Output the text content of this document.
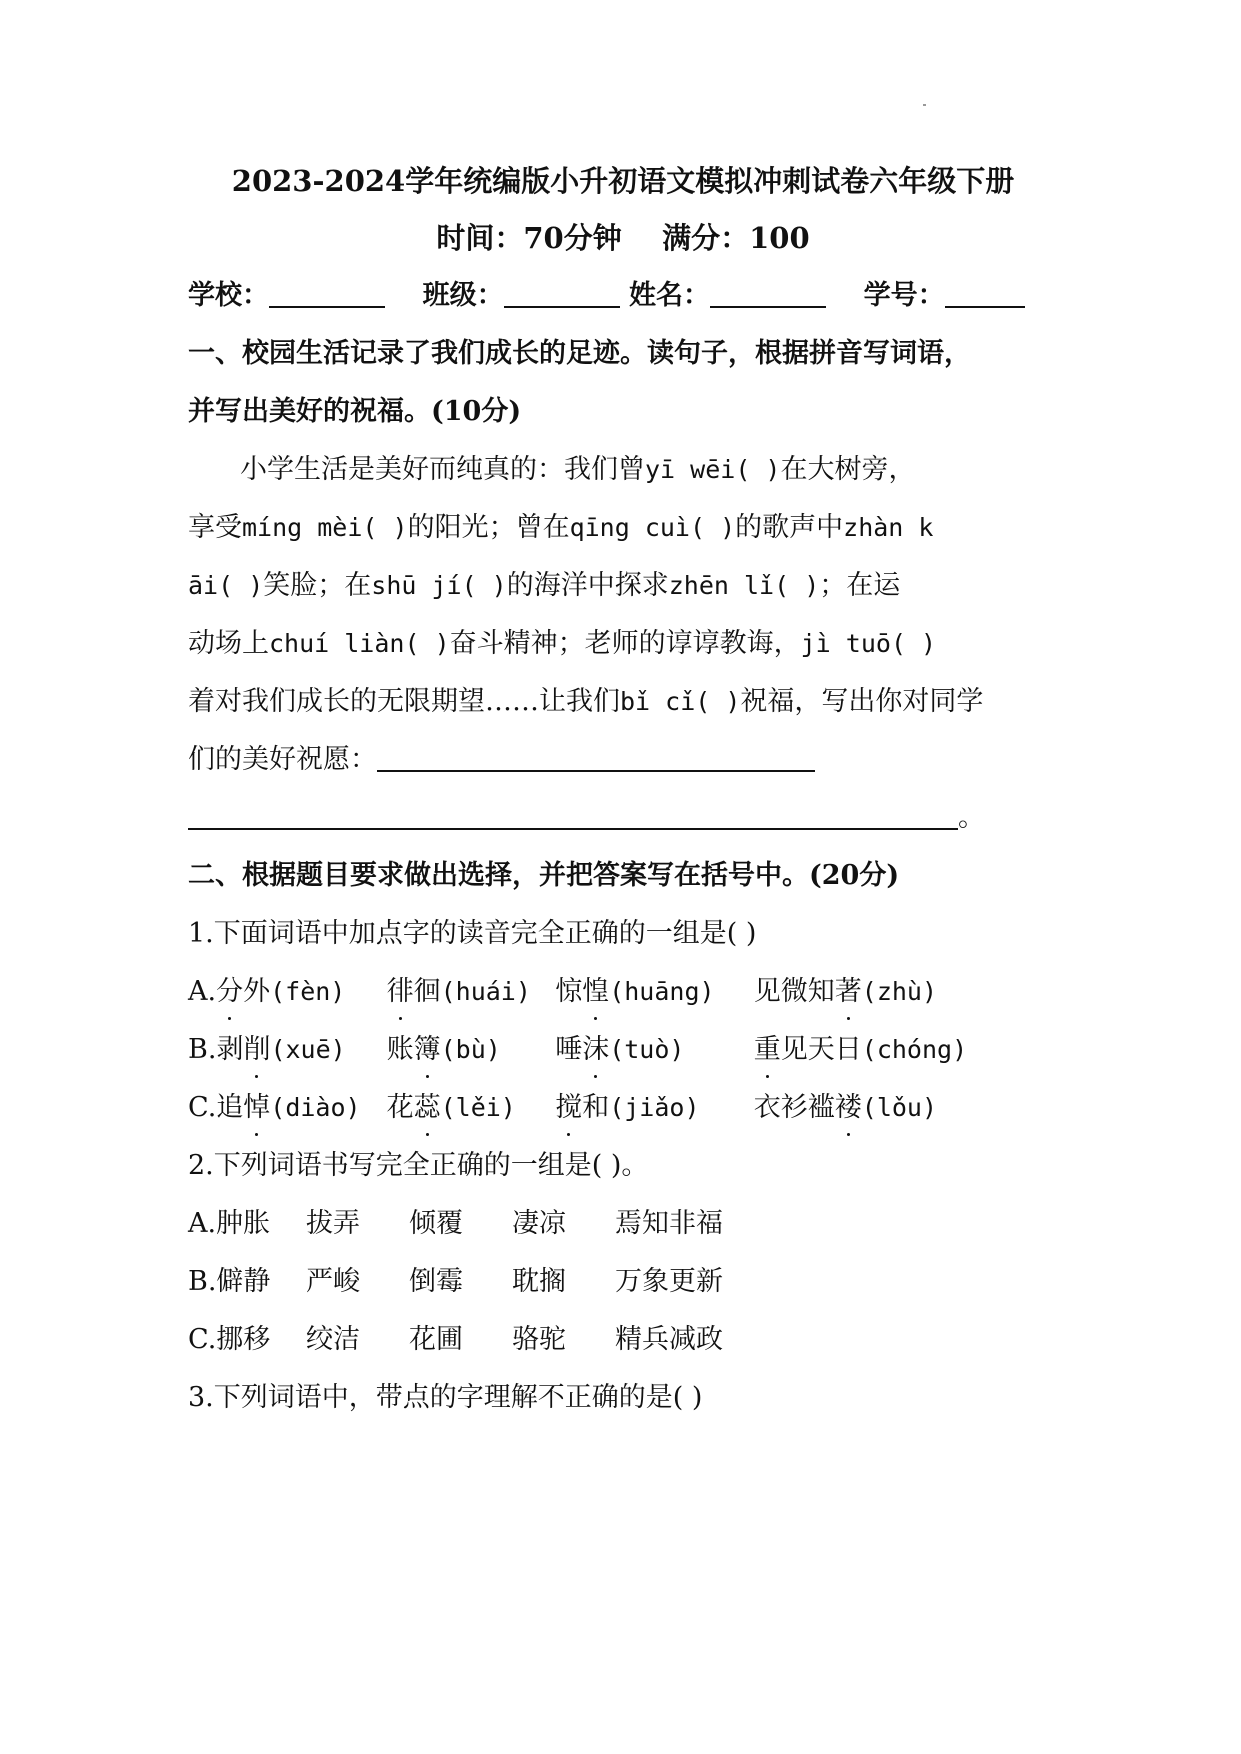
2023-2024学年统编版小升初语文模拟冲刺试卷六年级下册
时间：70分钟 满分：100
学校：	班级：	姓名：	学号：
一、校园生活记录了我们成长的足迹。读句子，根据拼音写词语，
并写出美好的祝福。(10分)
小学生活是美好而纯真的：我们曾yī wēi( )在大树旁，
享受míng mèi( )的阳光；曾在qīng cuì( )的歌声中zhàn k
āi( )笑脸；在shū jí( )的海洋中探求zhēn lǐ( )；在运
动场上chuí liàn( )奋斗精神；老师的谆谆教诲，jì tuō( )
着对我们成长的无限期望……让我们bǐ cǐ( )祝福，写出你对同学
们的美好祝愿：
。
二、根据题目要求做出选择，并把答案写在括号中。(20分)
1.下面词语中加点字的读音完全正确的一组是( )
A.分外(fèn) 徘徊(huái) 惊惶(huāng) 见微知著(zhù)
B.剥削(xuē) 账簿(bù) 唾沫(tuò)	重见天日(chóng)
C.追悼(diào) 花蕊(lěi) 搅和(jiǎo) 衣衫褴褛(lǒu)
2.下列词语书写完全正确的一组是( )。
A.肿胀 拔弄 倾覆 凄凉 焉知非福
B.僻静 严峻 倒霉 耽搁 万象更新
C.挪移 绞洁 花圃 骆驼 精兵减政
3.下列词语中，带点的字理解不正确的是( )
